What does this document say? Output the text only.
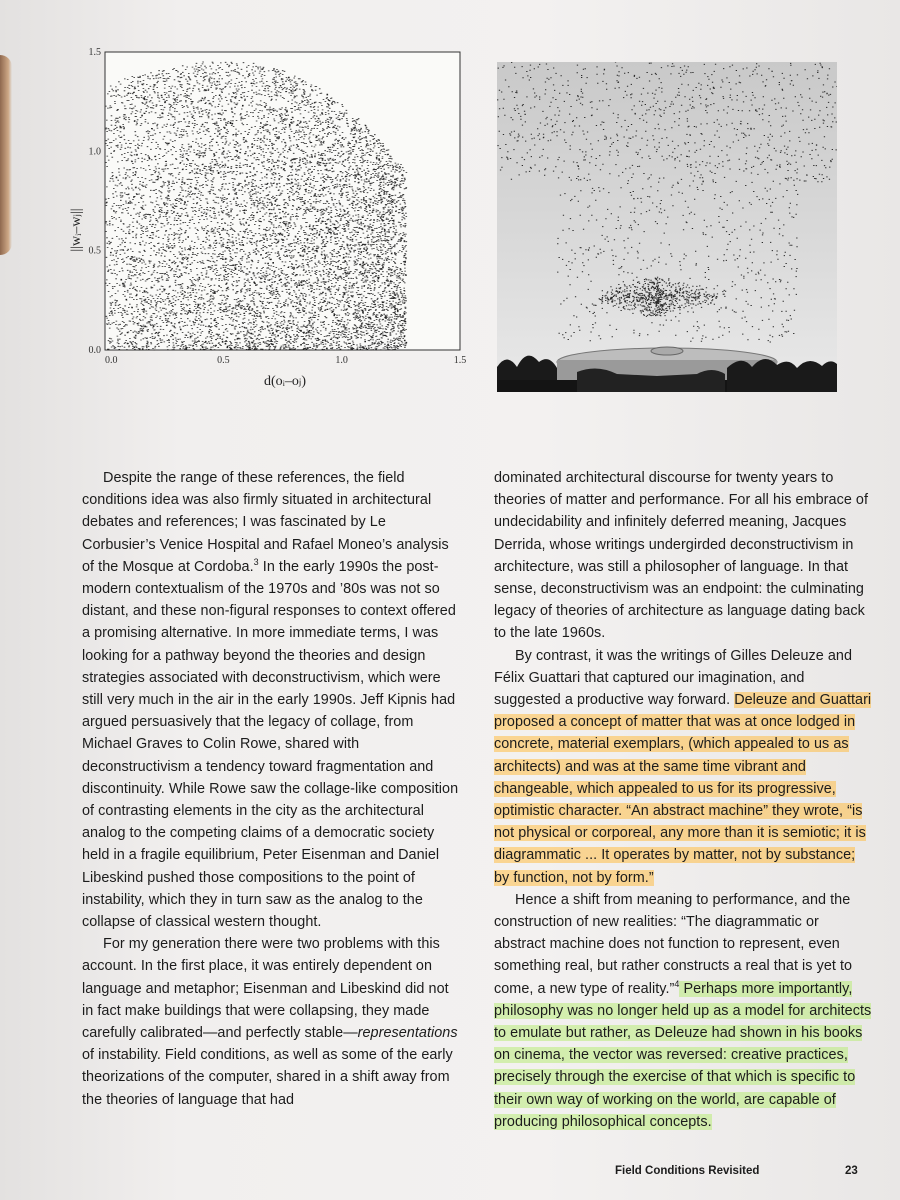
0.0	0.5	1.0	1.5
0.0
0.5
1.0
1.5
d(oᵢ–oⱼ)
||wᵢ–wⱼ||

Despite the range of these references, the field conditions idea was also firmly situated in architectural debates and references; I was fascinated by Le Corbusier’s Venice Hospital and Rafael Moneo’s analysis of the Mosque at Cordoba.$^3$ In the early 1990s the post-modern contextualism of the 1970s and ’80s was not so distant, and these non-figural responses to context offered a promising alternative. In more immediate terms, I was looking for a pathway beyond the theories and design strategies associated with deconstructivism, which were still very much in the air in the early 1990s. Jeff Kipnis had argued persuasively that the legacy of collage, from Michael Graves to Colin Rowe, shared with deconstructivism a tendency toward fragmentation and discontinuity. While Rowe saw the collage-like composition of contrasting elements in the city as the architectural analog to the competing claims of a democratic society held in a fragile equilibrium, Peter Eisenman and Daniel Libeskind pushed those compositions to the point of instability, which they in turn saw as the analog to the collapse of classical western thought.

For my generation there were two problems with this account. In the first place, it was entirely dependent on language and metaphor; Eisenman and Libeskind did not in fact make buildings that were collapsing, they made carefully calibrated—and perfectly stable—representations of instability. Field conditions, as well as some of the early theorizations of the computer, shared in a shift away from the theories of language that had

dominated architectural discourse for twenty years to theories of matter and performance. For all his embrace of undecidability and infinitely deferred meaning, Jacques Derrida, whose writings undergirded deconstructivism in architecture, was still a philosopher of language. In that sense, deconstructivism was an endpoint: the culminating legacy of theories of architecture as language dating back to the late 1960s.

By contrast, it was the writings of Gilles Deleuze and Félix Guattari that captured our imagination, and suggested a productive way forward. Deleuze and Guattari proposed a concept of matter that was at once lodged in concrete, material exemplars, (which appealed to us as architects) and was at the same time vibrant and changeable, which appealed to us for its progressive, optimistic character. “An abstract machine” they wrote, “is not physical or corporeal, any more than it is semiotic; it is diagrammatic ... It operates by matter, not by substance; by function, not by form.”

Hence a shift from meaning to performance, and the construction of new realities: “The diagrammatic or abstract machine does not function to represent, even something real, but rather constructs a real that is yet to come, a new type of reality.”$^4$ Perhaps more importantly, philosophy was no longer held up as a model for architects to emulate but rather, as Deleuze had shown in his books on cinema, the vector was reversed: creative practices, precisely through the exercise of that which is specific to their own way of working on the world, are capable of producing philosophical concepts.

Field Conditions Revisited	23
